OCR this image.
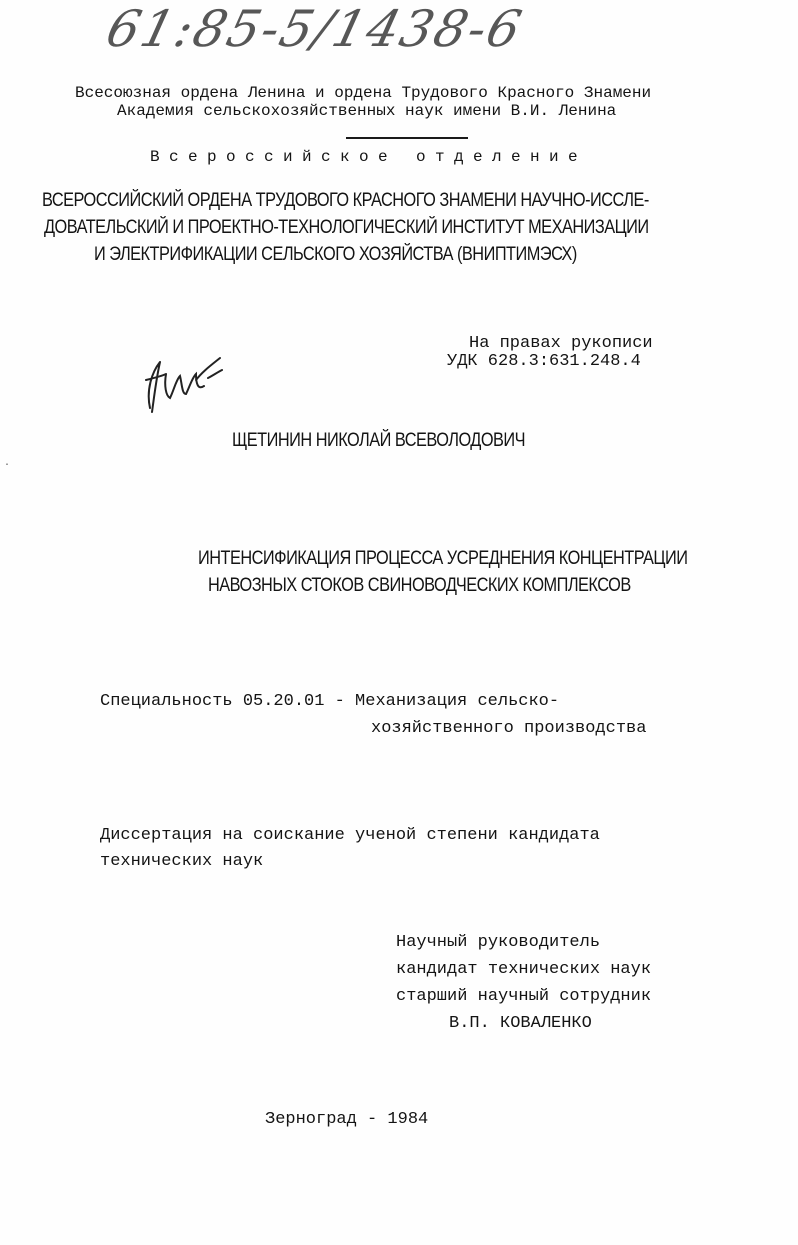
61:85-5/1438-6
Всесоюзная ордена Ленина и ордена Трудового Красного Знамени
Академия сельскохозяйственных наук имени В.И. Ленина
Всероссийское отделение
ВСЕРОССИЙСКИЙ ОРДЕНА ТРУДОВОГО КРАСНОГО ЗНАМЕНИ НАУЧНО-ИССЛЕ-
ДОВАТЕЛЬСКИЙ И ПРОЕКТНО-ТЕХНОЛОГИЧЕСКИЙ ИНСТИТУТ МЕХАНИЗАЦИИ
И ЭЛЕКТРИФИКАЦИИ СЕЛЬСКОГО ХОЗЯЙСТВА (ВНИПТИМЭСХ)
На правах рукописи
УДК 628.3:631.248.4
·
ЩЕТИНИН НИКОЛАЙ ВСЕВОЛОДОВИЧ
ИНТЕНСИФИКАЦИЯ ПРОЦЕССА УСРЕДНЕНИЯ КОНЦЕНТРАЦИИ
НАВОЗНЫХ СТОКОВ СВИНОВОДЧЕСКИХ КОМПЛЕКСОВ
Специальность 05.20.01 - Механизация сельско-
хозяйственного производства
Диссертация на соискание ученой степени кандидата
технических наук
Научный руководитель
кандидат технических наук
старший научный сотрудник
В.П. КОВАЛЕНКО
Зерноград - 1984
